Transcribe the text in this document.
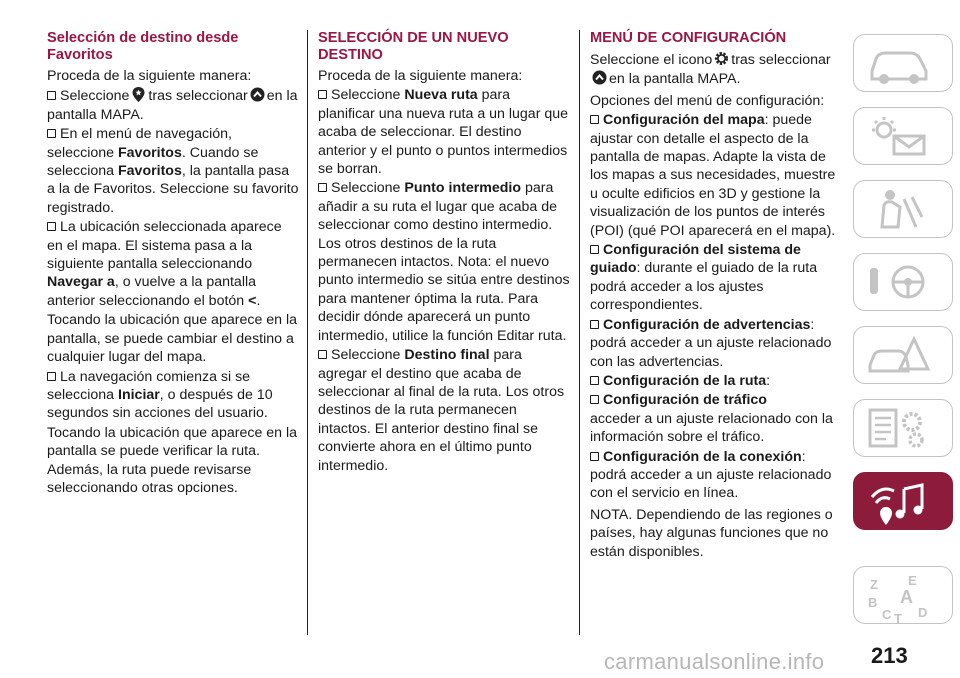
Selección de destino desde Favoritos

Proceda de la siguiente manera:

Seleccione tras seleccionar en la pantalla MAPA.

En el menú de navegación, seleccione Favoritos. Cuando se selecciona Favoritos, la pantalla pasa a la de Favoritos. Seleccione su favorito registrado.

La ubicación seleccionada aparece en el mapa. El sistema pasa a la siguiente pantalla seleccionando Navegar a, o vuelve a la pantalla anterior seleccionando el botón <.

Tocando la ubicación que aparece en la pantalla, se puede cambiar el destino a cualquier lugar del mapa.

La navegación comienza si se selecciona Iniciar, o después de 10 segundos sin acciones del usuario.

Tocando la ubicación que aparece en la pantalla se puede verificar la ruta. Además, la ruta puede revisarse seleccionando otras opciones.

SELECCIÓN DE UN NUEVO DESTINO

Proceda de la siguiente manera:

Seleccione Nueva ruta para planificar una nueva ruta a un lugar que acaba de seleccionar. El destino anterior y el punto o puntos intermedios se borran.

Seleccione Punto intermedio para añadir a su ruta el lugar que acaba de seleccionar como destino intermedio. Los otros destinos de la ruta permanecen intactos. Nota: el nuevo punto intermedio se sitúa entre destinos para mantener óptima la ruta. Para decidir dónde aparecerá un punto intermedio, utilice la función Editar ruta.

Seleccione Destino final para agregar el destino que acaba de seleccionar al final de la ruta. Los otros destinos de la ruta permanecen intactos. El anterior destino final se convierte ahora en el último punto intermedio.

MENÚ DE CONFIGURACIÓN

Seleccione el icono tras seleccionar
en la pantalla MAPA.

Opciones del menú de configuración:

Configuración del mapa: puede ajustar con detalle el aspecto de la pantalla de mapas. Adapte la vista de los mapas a sus necesidades, muestre u oculte edificios en 3D y gestione la visualización de los puntos de interés (POI) (qué POI aparecerá en el mapa).

Configuración del sistema de guiado: durante el guiado de la ruta podrá acceder a los ajustes correspondientes.

Configuración de advertencias: podrá acceder a un ajuste relacionado con las advertencias.

Configuración de la ruta:

Configuración de tráfico
acceder a un ajuste relacionado con la información sobre el tráfico.

Configuración de la conexión: podrá acceder a un ajuste relacionado con el servicio en línea.

NOTA. Dependiendo de las regiones o países, hay algunas funciones que no están disponibles.

Z E
B A
C T D
213
carmanualsonline.info
